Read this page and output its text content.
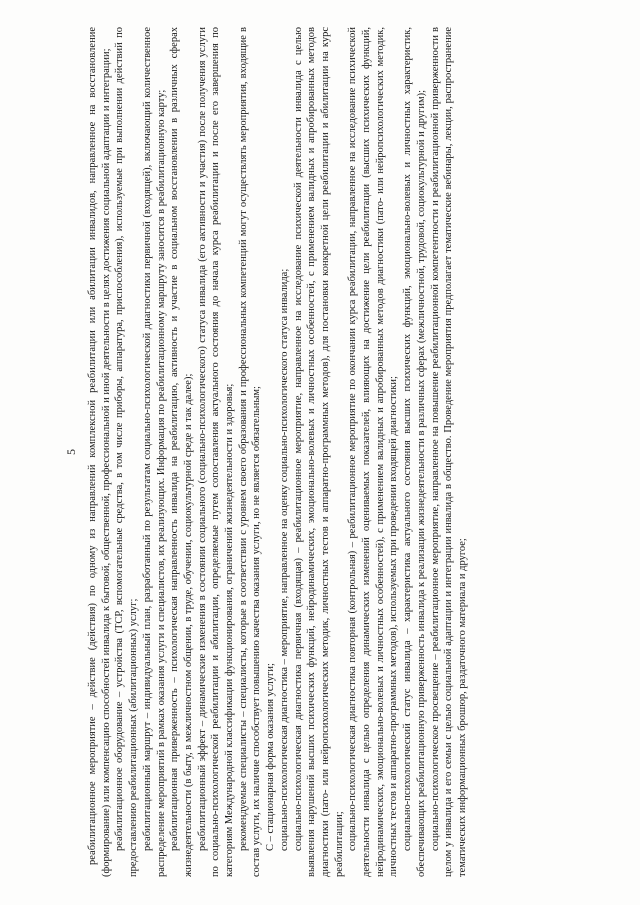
5 реабилитационное мероприятие – действие (действия) по одному из направлений комплексной реабилитации или абилитации инвалидов, направленное на восстановление (формирование) или компенсацию способностей инвалида к бытовой, общественной, профессиональной и иной деятельности в целях достижения социальной адаптации и интеграции; реабилитационное оборудование – устройства (ТСР, вспомогательные средства, в том числе приборы, аппаратура, приспособления), используемые при выполнении действий по предоставлению реабилитационных (абилитационных) услуг; реабилитационный маршрут – индивидуальный план, разработанный по результатам социально-психологической диагностики первичной (входящей), включающий количественное распределение мероприятий в рамках оказания услуги и специалистов, их реализующих. Информация по реабилитационному маршруту заносится в реабилитационную карту; реабилитационная приверженность – психологическая направленность инвалида на реабилитацию, активность и участие в социальном восстановлении в различных сферах жизнедеятельности (в быту, в межличностном общении, в труде, обучении, социокультурной среде и так далее); реабилитационный эффект – динамические изменения в состоянии социального (социально-психологического) статуса инвалида (его активности и участия) после получения услуги по социально-психологической реабилитации и абилитации, определяемые путем сопоставления актуального состояния до начала курса реабилитации и после его завершения по категориям Международной классификации функционирования, ограничений жизнедеятельности и здоровья; рекомендуемые специалисты – специалисты, которые в соответствии с уровнем своего образования и профессиональных компетенций могут осуществлять мероприятия, входящие в состав услуги, их наличие способствует повышению качества оказания услуги, но не является обязательным; С – стационарная форма оказания услуги; социально-психологическая диагностика – мероприятие, направленное на оценку социально-психологического статуса инвалида; социально-психологическая диагностика первичная (входящая) – реабилитационное мероприятие, направленное на исследование психической деятельности инвалида с целью выявления нарушений высших психических функций, нейродинамических, эмоционально-волевых и личностных особенностей, с применением валидных и апробированных методов диагностики (пато- или нейропсихологических методик, личностных тестов и аппаратно-программных методов), для постановки конкретной цели реабилитации и абилитации на курс реабилитации; социально-психологическая диагностика повторная (контрольная) – реабилитационное мероприятие по окончании курса реабилитации, направленное на исследование психической деятельности инвалида с целью определения динамических изменений оцениваемых показателей, влияющих на достижение цели реабилитации (высших психических функций, нейродинамических, эмоционально-волевых и личностных особенностей), с применением валидных и апробированных методов диагностики (пато- или нейропсихологических методик, личностных тестов и аппаратно-программных методов), используемых при проведении входящей диагностики; социально-психологический статус инвалида – характеристика актуального состояния высших психических функций, эмоционально-волевых и личностных характеристик, обеспечивающих реабилитационную приверженность инвалида к реализации жизнедеятельности в различных сферах (межличностной, трудовой, социокультурной и другим); социально-психологическое просвещение – реабилитационное мероприятие, направленное на повышение реабилитационной компетентности и реабилитационной приверженности в целом у инвалида и его семьи с целью социальной адаптации и интеграции инвалида в общество. Проведение мероприятия предполагает тематические вебинары, лекции, распространение тематических информационных брошюр, раздаточного материала и другое;
